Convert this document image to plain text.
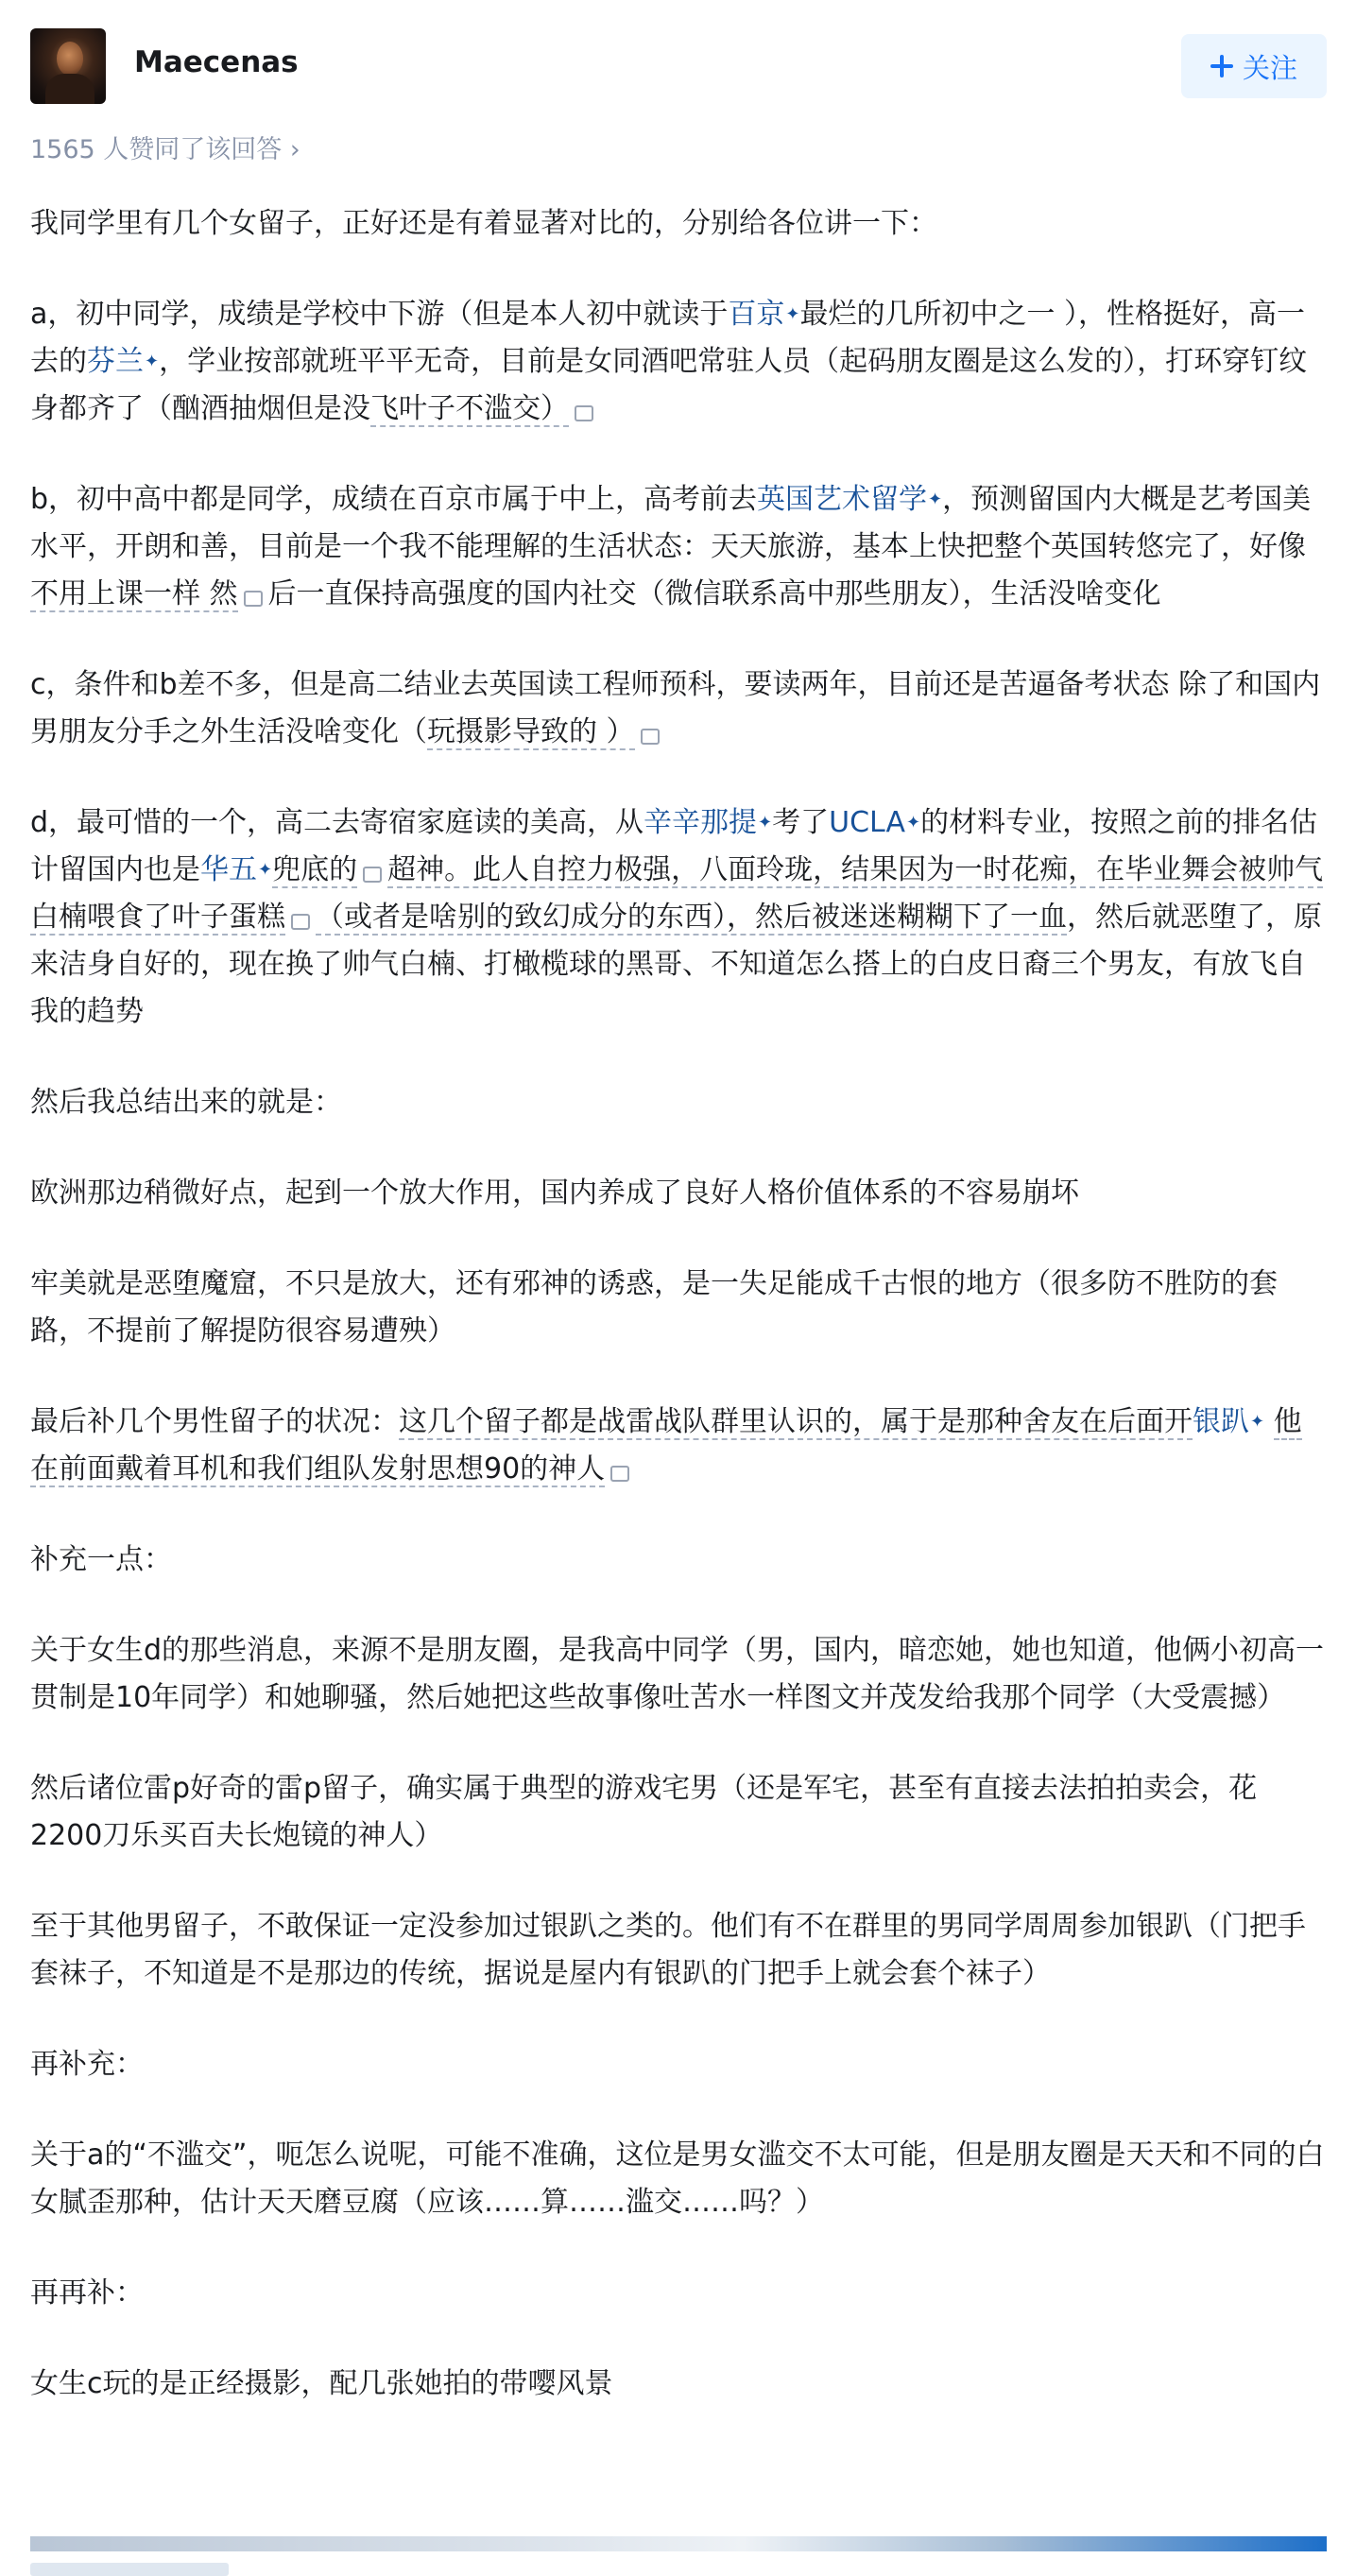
Maecenas	关注
1565 人赞同了该回答 ›

我同学里有几个女留子，正好还是有着显著对比的，分别给各位讲一下：

a，初中同学，成绩是学校中下游（但是本人初中就读于百京✦最烂的几所初中之一 ），性格挺好，高一去的芬兰✦，学业按部就班平平无奇，目前是女同酒吧常驻人员（起码朋友圈是这么发的），打环穿钉纹身都齐了（酗酒抽烟但是没飞叶子不滥交）

b，初中高中都是同学，成绩在百京市属于中上，高考前去英国艺术留学✦，预测留国内大概是艺考国美水平，开朗和善，目前是一个我不能理解的生活状态：天天旅游，基本上快把整个英国转悠完了，好像不用上课一样 然 后一直保持高强度的国内社交（微信联系高中那些朋友），生活没啥变化

c，条件和b差不多，但是高二结业去英国读工程师预科，要读两年，目前还是苦逼备考状态 除了和国内男朋友分手之外生活没啥变化（玩摄影导致的 ）

d，最可惜的一个，高二去寄宿家庭读的美高，从辛辛那提✦考了UCLA✦的材料专业，按照之前的排名估计留国内也是华五✦兜底的 超神。此人自控力极强，八面玲珑，结果因为一时花痴，在毕业舞会被帅气白楠喂食了叶子蛋糕 （或者是啥别的致幻成分的东西），然后被迷迷糊糊下了一血，然后就恶堕了，原来洁身自好的，现在换了帅气白楠、打橄榄球的黑哥、不知道怎么搭上的白皮日裔三个男友，有放飞自我的趋势

然后我总结出来的就是：

欧洲那边稍微好点，起到一个放大作用，国内养成了良好人格价值体系的不容易崩坏

牢美就是恶堕魔窟，不只是放大，还有邪神的诱惑，是一失足能成千古恨的地方（很多防不胜防的套路，不提前了解提防很容易遭殃）

最后补几个男性留子的状况：这几个留子都是战雷战队群里认识的，属于是那种舍友在后面开银趴✦ 他在前面戴着耳机和我们组队发射思想90的神人

补充一点：

关于女生d的那些消息，来源不是朋友圈，是我高中同学（男，国内，暗恋她，她也知道，他俩小初高一贯制是10年同学）和她聊骚，然后她把这些故事像吐苦水一样图文并茂发给我那个同学（大受震撼）

然后诸位雷p好奇的雷p留子，确实属于典型的游戏宅男（还是军宅，甚至有直接去法拍拍卖会，花2200刀乐买百夫长炮镜的神人）

至于其他男留子，不敢保证一定没参加过银趴之类的。他们有不在群里的男同学周周参加银趴（门把手套袜子，不知道是不是那边的传统，据说是屋内有银趴的门把手上就会套个袜子）

再补充：

关于a的“不滥交”，呃怎么说呢，可能不准确，这位是男女滥交不太可能，但是朋友圈是天天和不同的白女腻歪那种，估计天天磨豆腐（应该……算……滥交……吗？）

再再补：

女生c玩的是正经摄影，配几张她拍的带嘤风景
